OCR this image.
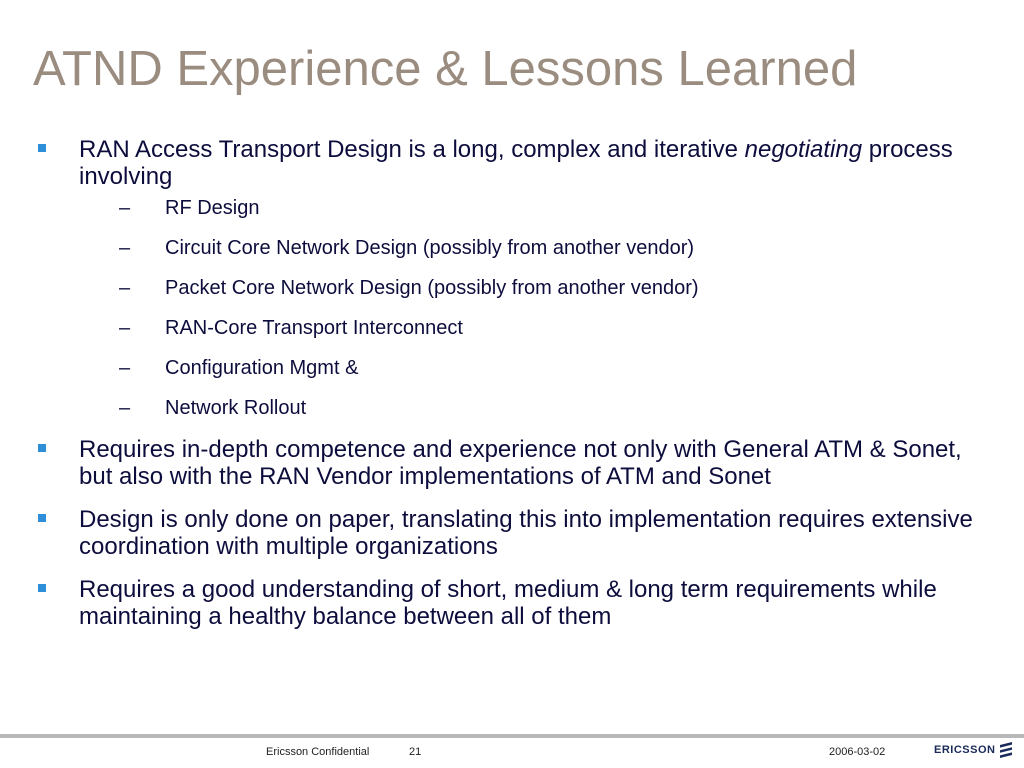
ATND Experience & Lessons Learned
RAN Access Transport Design is a long, complex and iterative negotiating process involving
– RF Design
– Circuit Core Network Design (possibly from another vendor)
– Packet Core Network Design (possibly from another vendor)
– RAN-Core Transport Interconnect
– Configuration Mgmt &
– Network Rollout
Requires in-depth competence and experience not only with General ATM & Sonet, but also with the RAN Vendor implementations of ATM and Sonet
Design is only done on paper, translating this into implementation requires extensive coordination with multiple organizations
Requires a good understanding of short, medium & long term requirements while maintaining a healthy balance between all of them
Ericsson Confidential	21	2006-03-02	ERICSSON
